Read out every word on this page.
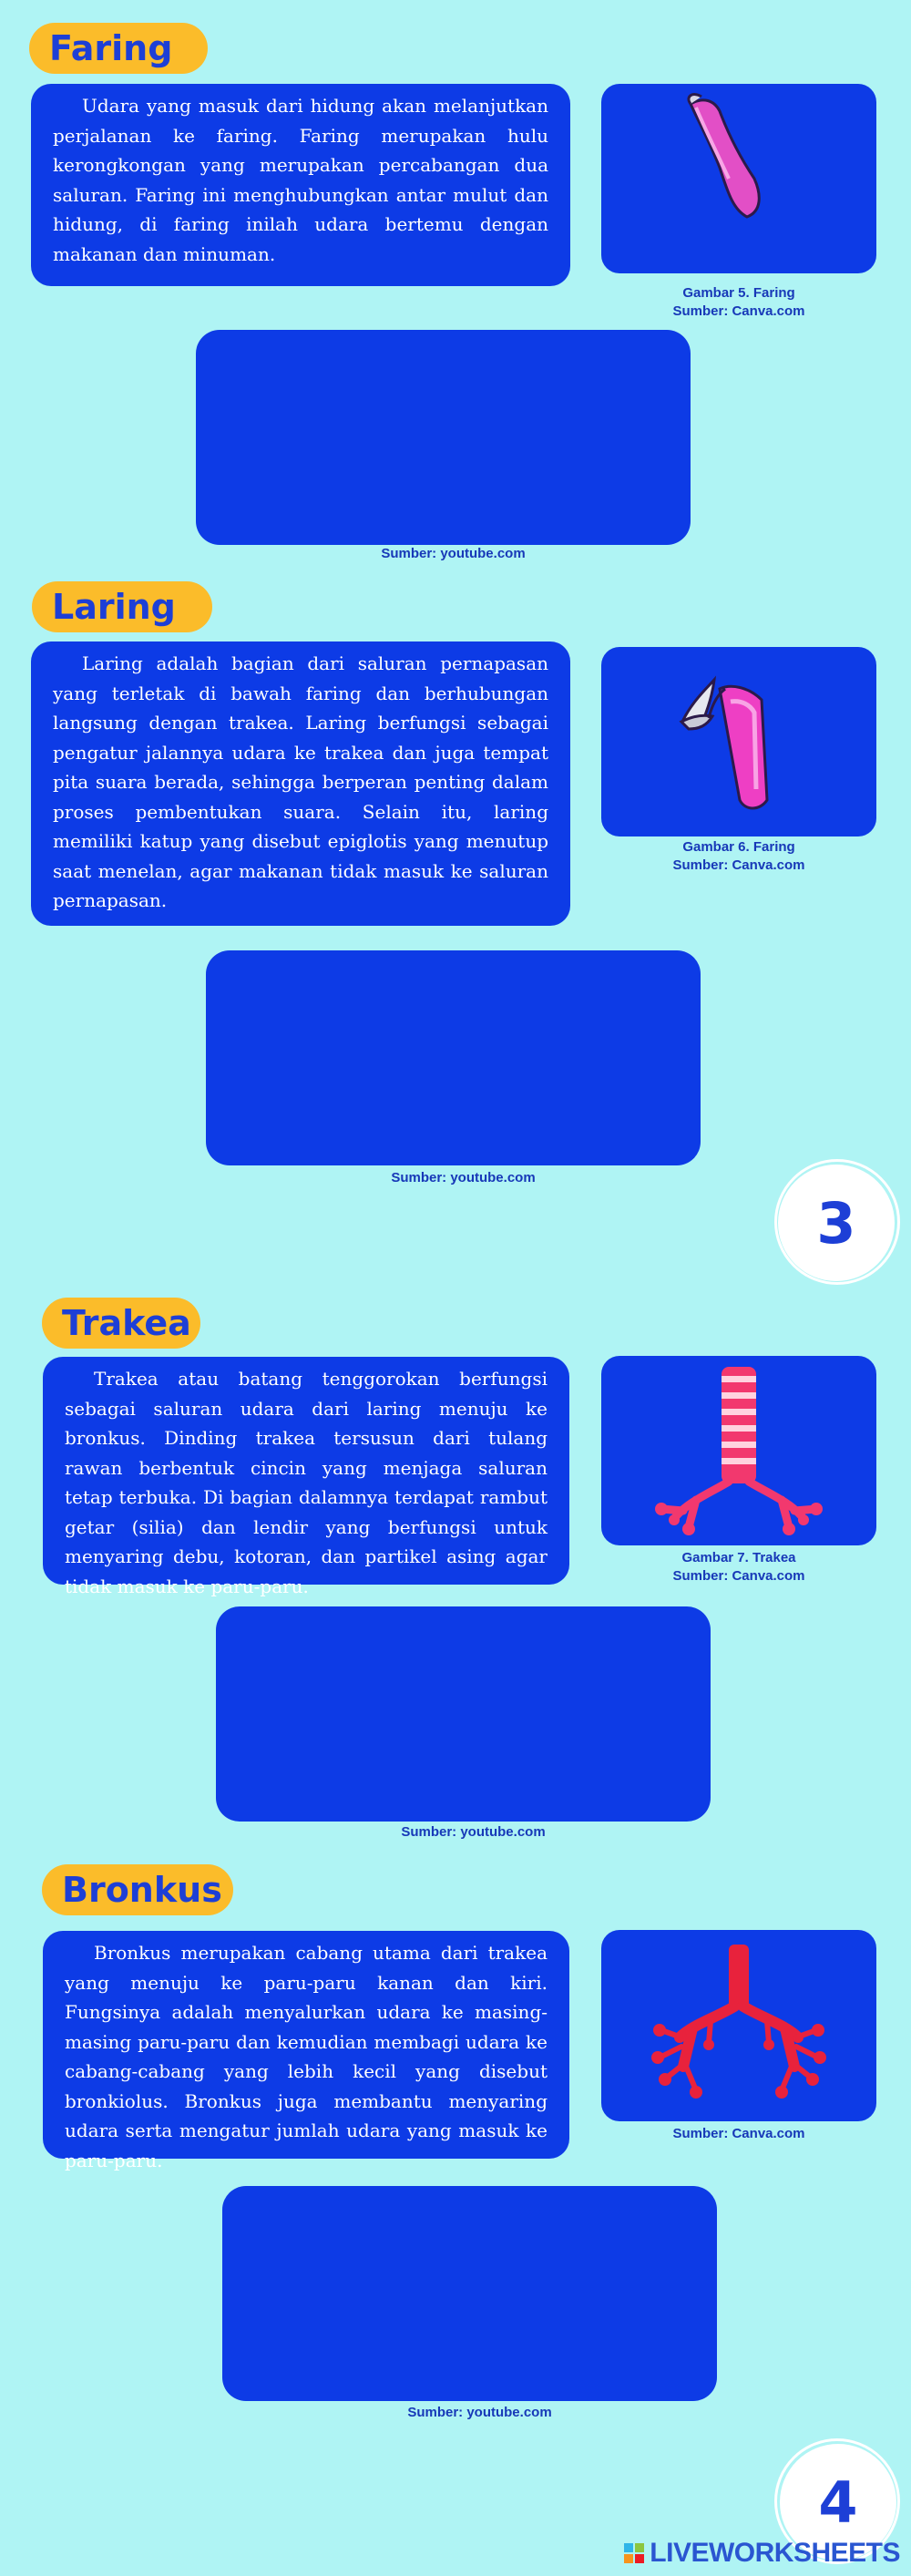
Faring
Udara yang masuk dari hidung akan melanjutkan perjalanan ke faring. Faring merupakan hulu kerongkongan yang merupakan percabangan dua saluran. Faring ini menghubungkan antar mulut dan hidung, di faring inilah udara bertemu dengan makanan dan minuman.
Gambar 5. Faring
Sumber: Canva.com
Sumber: youtube.com
Laring
Laring adalah bagian dari saluran pernapasan yang terletak di bawah faring dan berhubungan langsung dengan trakea. Laring berfungsi sebagai pengatur jalannya udara ke trakea dan juga tempat pita suara berada, sehingga berperan penting dalam proses pembentukan suara. Selain itu, laring memiliki katup yang disebut epiglotis yang menutup saat menelan, agar makanan tidak masuk ke saluran pernapasan.
Gambar 6. Faring
Sumber: Canva.com
Sumber: youtube.com
3
Trakea
Trakea atau batang tenggorokan berfungsi sebagai saluran udara dari laring menuju ke bronkus. Dinding trakea tersusun dari tulang rawan berbentuk cincin yang menjaga saluran tetap terbuka. Di bagian dalamnya terdapat rambut getar (silia) dan lendir yang berfungsi untuk menyaring debu, kotoran, dan partikel asing agar tidak masuk ke paru-paru.
Gambar 7. Trakea
Sumber: Canva.com
Sumber: youtube.com
Bronkus
Bronkus merupakan cabang utama dari trakea yang menuju ke paru-paru kanan dan kiri. Fungsinya adalah menyalurkan udara ke masing-masing paru-paru dan kemudian membagi udara ke cabang-cabang yang lebih kecil yang disebut bronkiolus. Bronkus juga membantu menyaring udara serta mengatur jumlah udara yang masuk ke paru-paru.
Sumber: Canva.com
Sumber: youtube.com
4
LIVEWORKSHEETS
